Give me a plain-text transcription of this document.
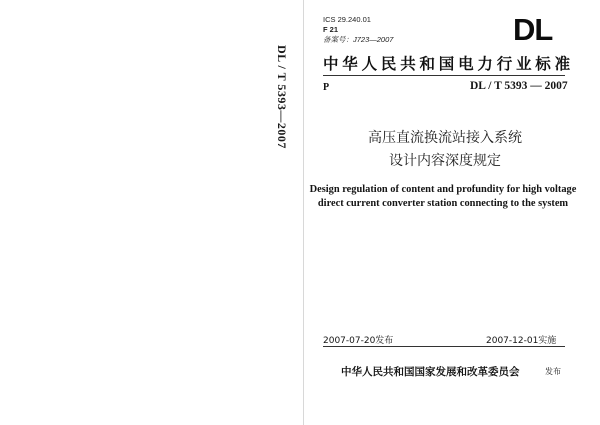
DL / T 5393—2007
ICS 29.240.01
F 21
备案号：J723—2007	DL
中华人民共和国电力行业标准
P	DL / T 5393 — 2007
高压直流换流站接入系统
设计内容深度规定
Design regulation of content and profundity for high voltage
direct current converter station connecting to the system
2007-07-20发布	2007-12-01实施
中华人民共和国国家发展和改革委员会	发布
